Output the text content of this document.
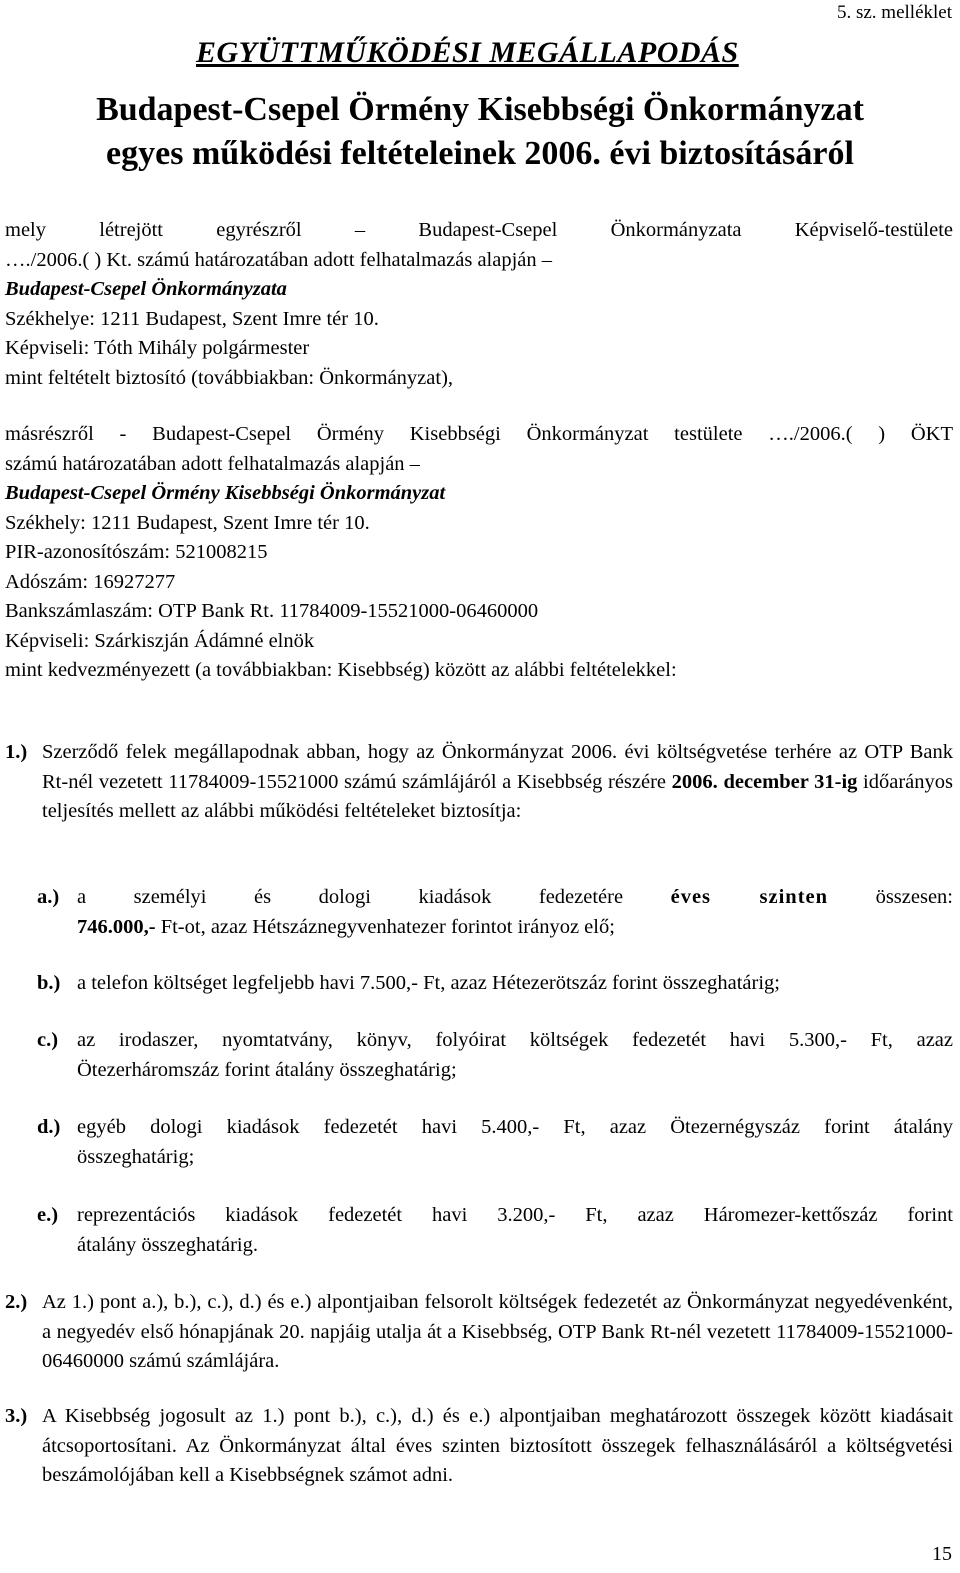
5. sz. melléklet
EGYÜTTMŰKÖDÉSI MEGÁLLAPODÁS
Budapest-Csepel Örmény Kisebbségi Önkormányzat
egyes működési feltételeinek 2006. évi biztosításáról
mely létrejött egyrészről – Budapest-Csepel Önkormányzata Képviselő-testülete
…./2006.( ) Kt. számú határozatában adott felhatalmazás alapján –
Budapest-Csepel Önkormányzata
Székhelye: 1211 Budapest, Szent Imre tér 10.
Képviseli: Tóth Mihály polgármester
mint feltételt biztosító (továbbiakban: Önkormányzat),
másrészről - Budapest-Csepel Örmény Kisebbségi Önkormányzat testülete …./2006.( ) ÖKT
számú határozatában adott felhatalmazás alapján –
Budapest-Csepel Örmény Kisebbségi Önkormányzat
Székhely: 1211 Budapest, Szent Imre tér 10.
PIR-azonosítószám: 521008215
Adószám: 16927277
Bankszámlaszám: OTP Bank Rt. 11784009-15521000-06460000
Képviseli: Szárkiszján Ádámné elnök
mint kedvezményezett (a továbbiakban: Kisebbség) között az alábbi feltételekkel:
1.) Szerződő felek megállapodnak abban, hogy az Önkormányzat 2006. évi költségvetése terhére az OTP Bank Rt-nél vezetett 11784009-15521000 számú számlájáról a Kisebbség részére 2006. december 31-ig időarányos teljesítés mellett az alábbi működési feltételeket biztosítja:
a.) a személyi és dologi kiadások fedezetére éves szinten összesen:
746.000,- Ft-ot, azaz Hétszáznegyvenhatezer forintot irányoz elő;
b.) a telefon költséget legfeljebb havi 7.500,- Ft, azaz Hétezerötszáz forint összeghatárig;
c.) az irodaszer, nyomtatvány, könyv, folyóirat költségek fedezetét havi 5.300,- Ft, azaz
Ötezerháromszáz forint átalány összeghatárig;
d.) egyéb dologi kiadások fedezetét havi 5.400,- Ft, azaz Ötezernégyszáz forint átalány
összeghatárig;
e.) reprezentációs kiadások fedezetét havi 3.200,- Ft, azaz Háromezer-kettőszáz forint
átalány összeghatárig.
2.) Az 1.) pont a.), b.), c.), d.) és e.) alpontjaiban felsorolt költségek fedezetét az Önkormányzat negyedévenként, a negyedév első hónapjának 20. napjáig utalja át a Kisebbség, OTP Bank Rt-nél vezetett 11784009-15521000-06460000 számú számlájára.
3.) A Kisebbség jogosult az 1.) pont b.), c.), d.) és e.) alpontjaiban meghatározott összegek között kiadásait átcsoportosítani. Az Önkormányzat által éves szinten biztosított összegek felhasználásáról a költségvetési beszámolójában kell a Kisebbségnek számot adni.
15
